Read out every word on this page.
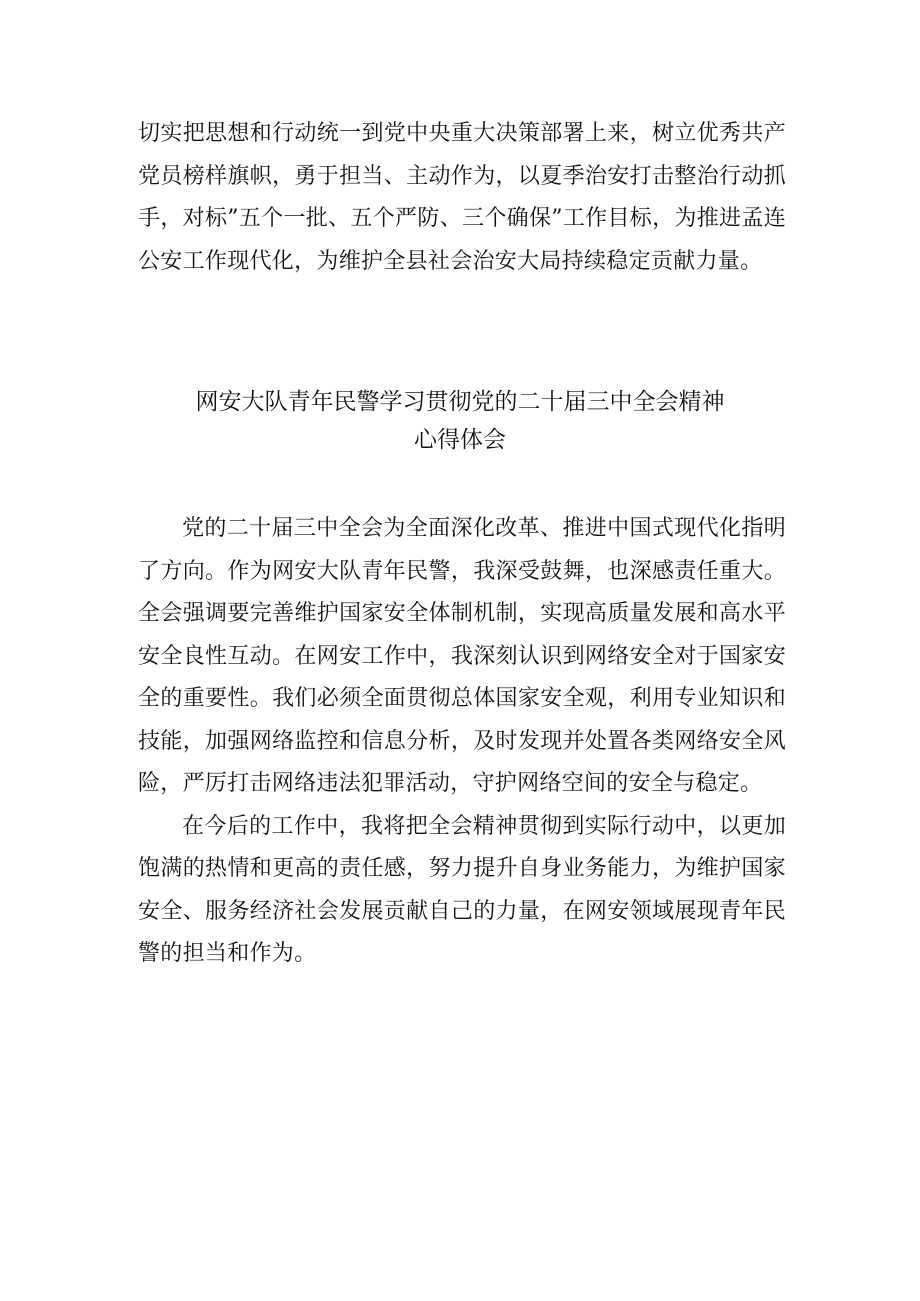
切实把思想和行动统一到党中央重大决策部署上来，树立优秀共产党员榜样旗帜，勇于担当、主动作为，以夏季治安打击整治行动抓手，对标”五个一批、五个严防、三个确保”工作目标，为推进孟连公安工作现代化，为维护全县社会治安大局持续稳定贡献力量。

网安大队青年民警学习贯彻党的二十届三中全会精神
心得体会

党的二十届三中全会为全面深化改革、推进中国式现代化指明了方向。作为网安大队青年民警，我深受鼓舞，也深感责任重大。全会强调要完善维护国家安全体制机制，实现高质量发展和高水平安全良性互动。在网安工作中，我深刻认识到网络安全对于国家安全的重要性。我们必须全面贯彻总体国家安全观，利用专业知识和技能，加强网络监控和信息分析，及时发现并处置各类网络安全风险，严厉打击网络违法犯罪活动，守护网络空间的安全与稳定。

在今后的工作中，我将把全会精神贯彻到实际行动中，以更加饱满的热情和更高的责任感，努力提升自身业务能力，为维护国家安全、服务经济社会发展贡献自己的力量，在网安领域展现青年民警的担当和作为。
